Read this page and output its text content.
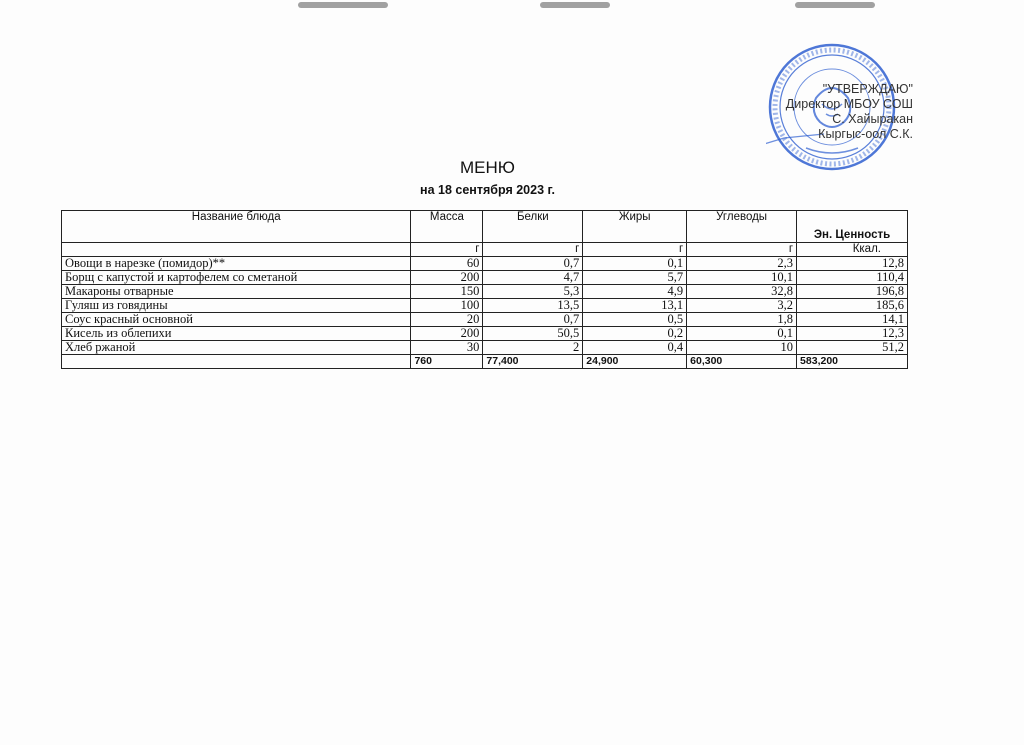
"УТВЕРЖДАЮ"
Директор МБОУ СОШ
С. Хайыракан
Кыргыс-оол С.К.
МЕНЮ
на 18 сентября 2023 г.
Название блюда	Масса	Белки	Жиры	Углеводы	Эн. Ценность
	г	г	г	г	Ккал.
Овощи в нарезке (помидор)**	60	0,7	0,1	2,3	12,8
Борщ с капустой и картофелем со сметаной	200	4,7	5,7	10,1	110,4
Макароны отварные	150	5,3	4,9	32,8	196,8
Гуляш из говядины	100	13,5	13,1	3,2	185,6
Соус красный основной	20	0,7	0,5	1,8	14,1
Кисель из облепихи	200	50,5	0,2	0,1	12,3
Хлеб ржаной	30	2	0,4	10	51,2
	760	77,400	24,900	60,300	583,200
